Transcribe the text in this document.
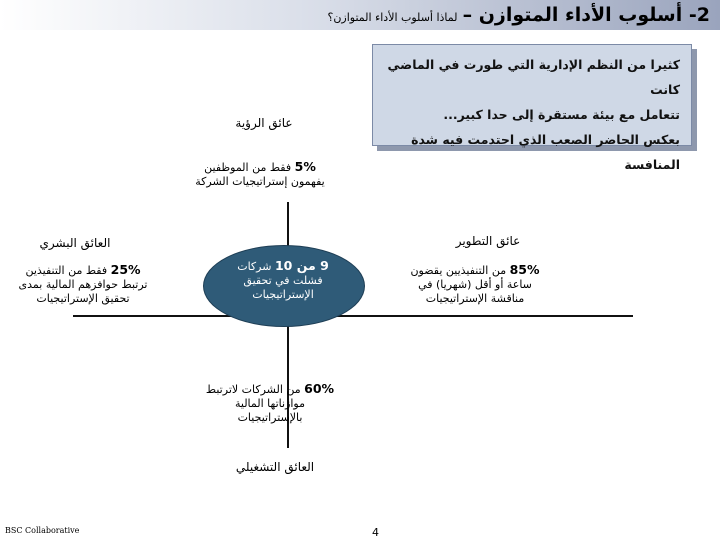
2- أسلوب الأداء المتوازن – لماذا أسلوب الأداء المتوازن؟
كثيرا من النظم الإدارية التي طورت في الماضي كانت
تتعامل مع بيئة مستقرة إلى حدا كبير...
بعكس الحاضر الصعب الذي احتدمت فيه شدة المنافسة
عائق الرؤية
5% فقط من الموظفين
يفهمون إستراتيجيات الشركة
العائق البشري
25% فقط من التنفيذين
ترتبط حوافزهم المالية بمدى
تحقيق الإستراتيجيات
عائق التطوير
85% من التنفيذيين يقضون
ساعة أو أقل (شهريا) في
مناقشة الإستراتيجيات
9 من 10 شركات
فشلت في تحقيق
الإستراتيجيات
60% من الشركات لاترتبط
موازناتها المالية
بالإستراتيجيات
العائق التشغيلي
BSC Collaborative	4
